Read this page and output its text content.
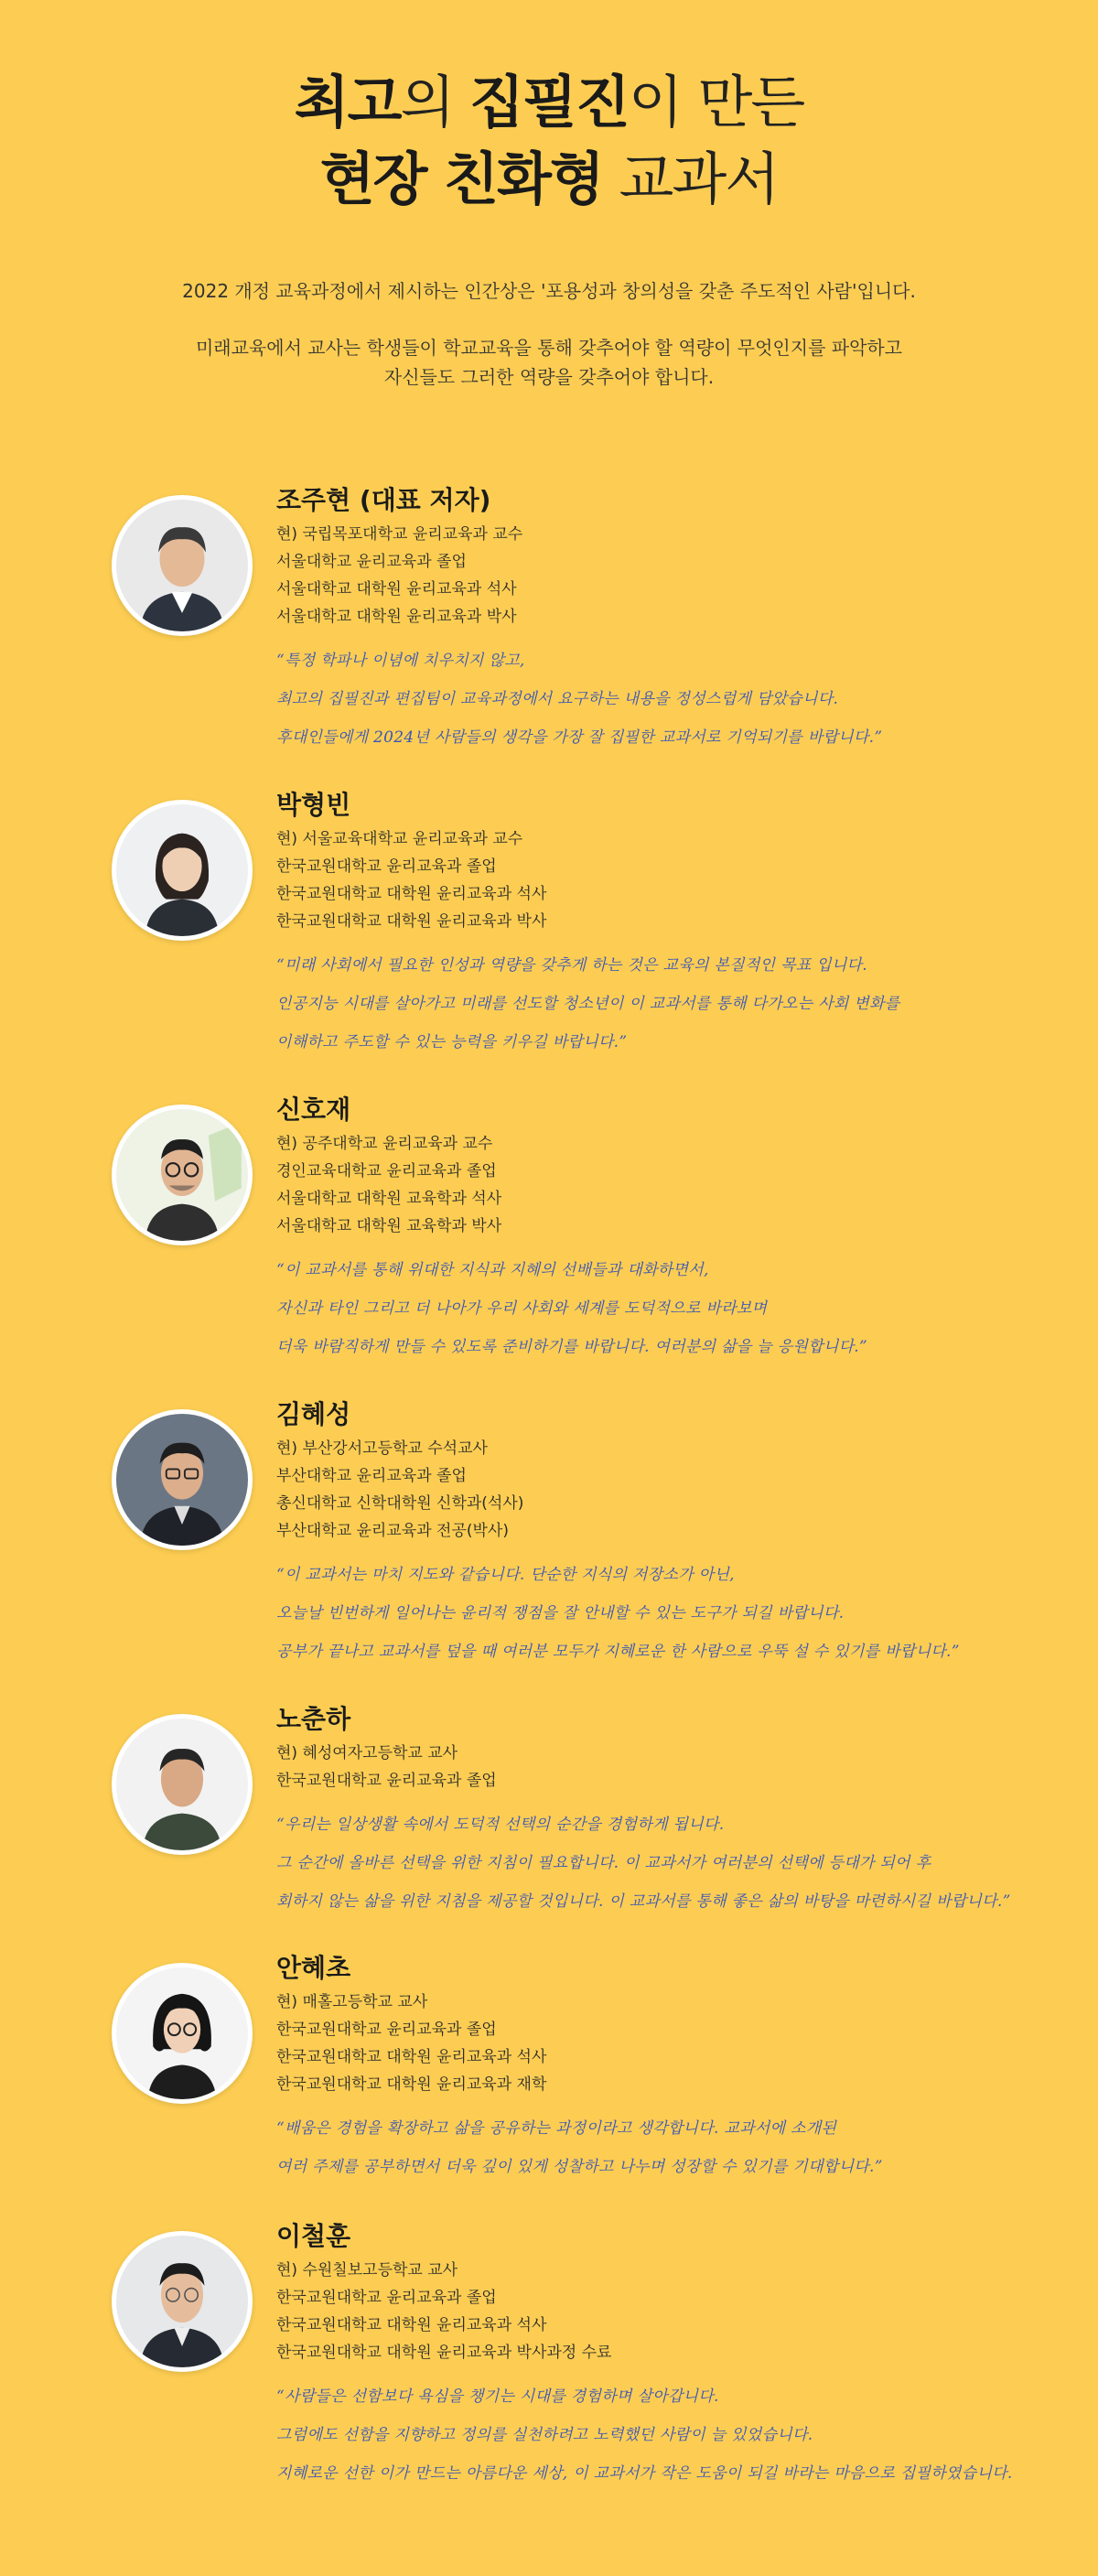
최고의 집필진이 만든
현장 친화형 교과서

2022 개정 교육과정에서 제시하는 인간상은 '포용성과 창의성을 갖춘 주도적인 사람'입니다.

미래교육에서 교사는 학생들이 학교교육을 통해 갖추어야 할 역량이 무엇인지를 파악하고

자신들도 그러한 역량을 갖추어야 합니다.

조주현 (대표 저자)
현) 국립목포대학교 윤리교육과 교수
서울대학교 윤리교육과 졸업
서울대학교 대학원 윤리교육과 석사
서울대학교 대학원 윤리교육과 박사
“특정 학파나 이념에 치우치지 않고,
최고의 집필진과 편집팀이 교육과정에서 요구하는 내용을 정성스럽게 담았습니다.
후대인들에게 2024년 사람들의 생각을 가장 잘 집필한 교과서로 기억되기를 바랍니다.”
박형빈
현) 서울교육대학교 윤리교육과 교수
한국교원대학교 윤리교육과 졸업
한국교원대학교 대학원 윤리교육과 석사
한국교원대학교 대학원 윤리교육과 박사
“미래 사회에서 필요한 인성과 역량을 갖추게 하는 것은 교육의 본질적인 목표 입니다.
인공지능 시대를 살아가고 미래를 선도할 청소년이 이 교과서를 통해 다가오는 사회 변화를
이해하고 주도할 수 있는 능력을 키우길 바랍니다.”
신호재
현) 공주대학교 윤리교육과 교수
경인교육대학교 윤리교육과 졸업
서울대학교 대학원 교육학과 석사
서울대학교 대학원 교육학과 박사
“이 교과서를 통해 위대한 지식과 지혜의 선배들과 대화하면서,
자신과 타인 그리고 더 나아가 우리 사회와 세계를 도덕적으로 바라보며
더욱 바람직하게 만들 수 있도록 준비하기를 바랍니다. 여러분의 삶을 늘 응원합니다.”
김혜성
현) 부산강서고등학교 수석교사
부산대학교 윤리교육과 졸업
총신대학교 신학대학원 신학과(석사)
부산대학교 윤리교육과 전공(박사)
“이 교과서는 마치 지도와 같습니다. 단순한 지식의 저장소가 아닌,
오늘날 빈번하게 일어나는 윤리적 쟁점을 잘 안내할 수 있는 도구가 되길 바랍니다.
공부가 끝나고 교과서를 덮을 때 여러분 모두가 지혜로운 한 사람으로 우뚝 설 수 있기를 바랍니다.”
노춘하
현) 혜성여자고등학교 교사
한국교원대학교 윤리교육과 졸업
“우리는 일상생활 속에서 도덕적 선택의 순간을 경험하게 됩니다.
그 순간에 올바른 선택을 위한 지침이 필요합니다. 이 교과서가 여러분의 선택에 등대가 되어 후
회하지 않는 삶을 위한 지침을 제공할 것입니다. 이 교과서를 통해 좋은 삶의 바탕을 마련하시길 바랍니다.”
안혜초
현) 매홀고등학교 교사
한국교원대학교 윤리교육과 졸업
한국교원대학교 대학원 윤리교육과 석사
한국교원대학교 대학원 윤리교육과 재학
“배움은 경험을 확장하고 삶을 공유하는 과정이라고 생각합니다. 교과서에 소개된
여러 주제를 공부하면서 더욱 깊이 있게 성찰하고 나누며 성장할 수 있기를 기대합니다.”
이철훈
현) 수원칠보고등학교 교사
한국교원대학교 윤리교육과 졸업
한국교원대학교 대학원 윤리교육과 석사
한국교원대학교 대학원 윤리교육과 박사과정 수료
“사람들은 선함보다 욕심을 챙기는 시대를 경험하며 살아갑니다.
그럼에도 선함을 지향하고 정의를 실천하려고 노력했던 사람이 늘 있었습니다.
지혜로운 선한 이가 만드는 아름다운 세상, 이 교과서가 작은 도움이 되길 바라는 마음으로 집필하였습니다.
